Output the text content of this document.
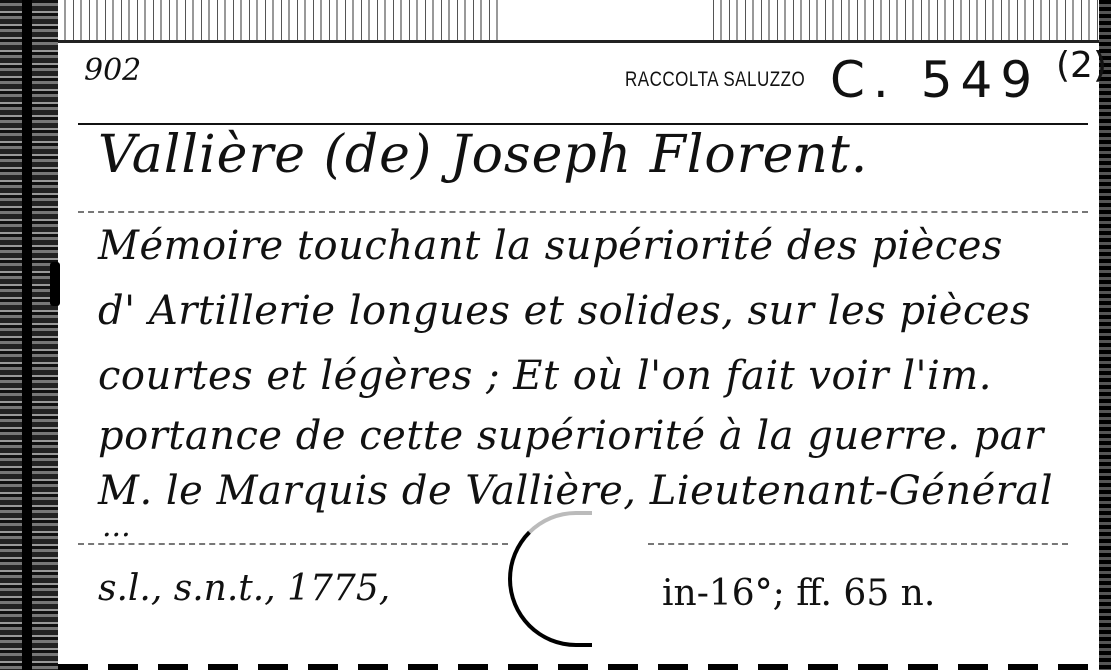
902	RACCOLTA SALUZZO C. 549 (2)
Vallière (de) Joseph Florent.
Mémoire touchant la supériorité des pièces
d' Artillerie longues et solides, sur les pièces
courtes et légères ; Et où l'on fait voir l'im.
portance de cette supériorité à la guerre. par
M. le Marquis de Vallière, Lieutenant-Général
...
s.l., s.n.t., 1775,	in-16°; ff. 65 n.
